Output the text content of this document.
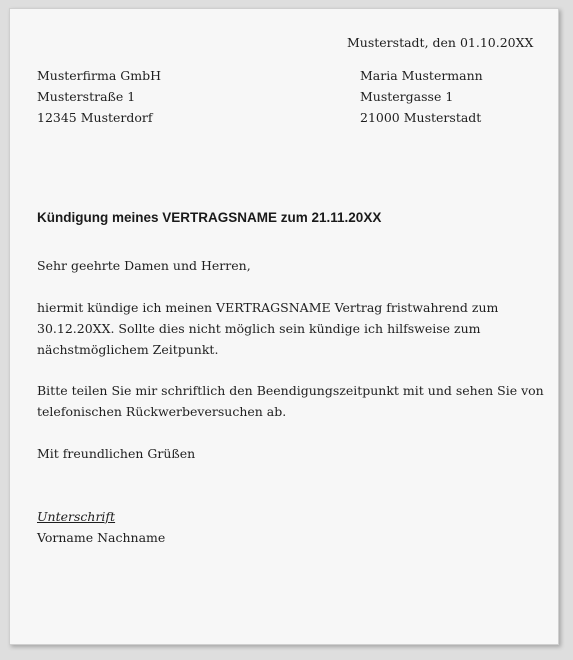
Musterstadt, den 01.10.20XX
Musterfirma GmbH
Musterstraße 1
12345 Musterdorf
Maria Mustermann
Mustergasse 1
21000 Musterstadt
Kündigung meines VERTRAGSNAME zum 21.11.20XX
Sehr geehrte Damen und Herren,
hiermit kündige ich meinen VERTRAGSNAME Vertrag fristwahrend zum
30.12.20XX. Sollte dies nicht möglich sein kündige ich hilfsweise zum
nächstmöglichem Zeitpunkt.
Bitte teilen Sie mir schriftlich den Beendigungszeitpunkt mit und sehen Sie von
telefonischen Rückwerbeversuchen ab.
Mit freundlichen Grüßen
Unterschrift
Vorname Nachname
